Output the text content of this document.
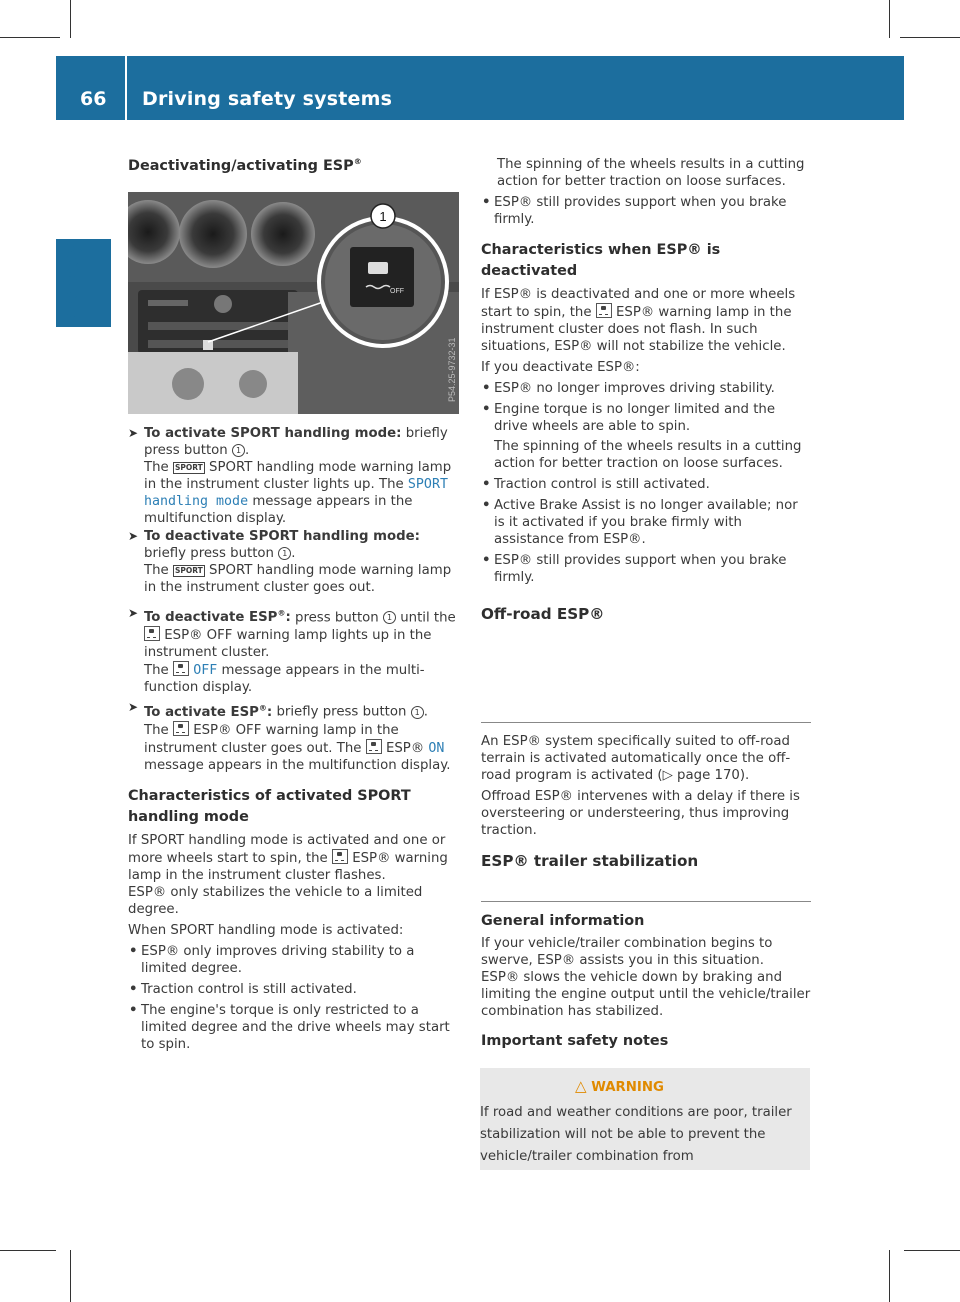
66 Driving safety systems
Safety

Deactivating/activating ESP®

1
OFF
P54.25-9732-31
➤ To activate SPORT handling mode: briefly press button 1 .

The SPORT SPORT handling mode warning lamp in the instrument cluster lights up. The SPORT handling mode message appears in the multifunction display.

➤ To deactivate SPORT handling mode: briefly press button 1 .

The SPORT SPORT handling mode warning lamp in the instrument cluster goes out.

➤ To deactivate ESP®: press button 1 until the  ESP® OFF warning lamp lights up in the instrument cluster.

The OFF message appears in the multi-function display.

➤ To activate ESP®: briefly press button 1 .

The ESP® OFF warning lamp in the instrument cluster goes out. The ESP® ON message appears in the multifunction display.

Characteristics of activated SPORT handling mode

If SPORT handling mode is activated and one or more wheels start to spin, the ESP® warning lamp in the instrument cluster flashes.

ESP® only stabilizes the vehicle to a limited degree.

When SPORT handling mode is activated:

• ESP® only improves driving stability to a limited degree.
• Traction control is still activated.
• The engine's torque is only restricted to a limited degree and the drive wheels may start to spin.

The spinning of the wheels results in a cutting action for better traction on loose surfaces.

• ESP® still provides support when you brake firmly.

Characteristics when ESP® is deactivated

If ESP® is deactivated and one or more wheels start to spin, the ESP® warning lamp in the instrument cluster does not flash. In such situations, ESP® will not stabilize the vehicle.

If you deactivate ESP®:

• ESP® no longer improves driving stability.
• Engine torque is no longer limited and the drive wheels are able to spin.

The spinning of the wheels results in a cutting action for better traction on loose surfaces.

• Traction control is still activated.
• Active Brake Assist is no longer available; nor is it activated if you brake firmly with assistance from ESP®.
• ESP® still provides support when you brake firmly.

Off-road ESP®

An ESP® system specifically suited to off-road terrain is activated automatically once the off-road program is activated (▷ page 170).

Offroad ESP® intervenes with a delay if there is oversteering or understeering, thus improving traction.

ESP® trailer stabilization

General information

If your vehicle/trailer combination begins to swerve, ESP® assists you in this situation.

ESP® slows the vehicle down by braking and limiting the engine output until the vehicle/trailer combination has stabilized.

Important safety notes

△ WARNING

If road and weather conditions are poor, trailer stabilization will not be able to prevent the vehicle/trailer combination from
